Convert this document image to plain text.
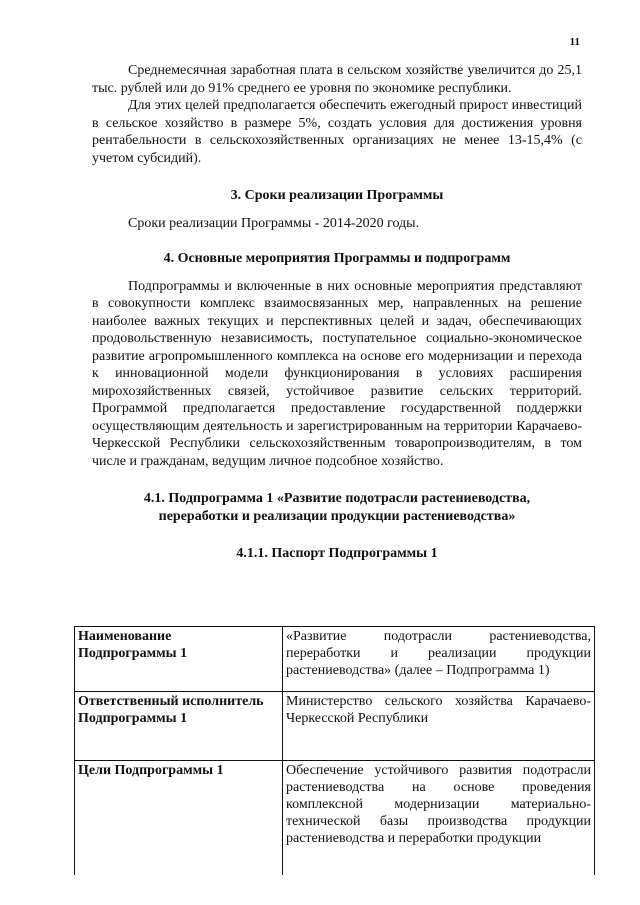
11

Среднемесячная заработная плата в сельском хозяйстве увеличится до 25,1 тыс. рублей или до 91% среднего ее уровня по экономике республики.

Для этих целей предполагается обеспечить ежегодный прирост инвестиций в сельское хозяйство в размере 5%, создать условия для достижения уровня рентабельности в сельскохозяйственных организациях не менее 13-15,4% (с учетом субсидий).

3. Сроки реализации Программы

Сроки реализации Программы - 2014-2020 годы.

4. Основные мероприятия Программы и подпрограмм

Подпрограммы и включенные в них основные мероприятия представляют в совокупности комплекс взаимосвязанных мер, направленных на решение наиболее важных текущих и перспективных целей и задач, обеспечивающих продовольственную независимость, поступательное социально-экономическое развитие агропромышленного комплекса на основе его модернизации и перехода к инновационной модели функционирования в условиях расширения мирохозяйственных связей, устойчивое развитие сельских территорий. Программой предполагается предоставление государственной поддержки осуществляющим деятельность и зарегистрированным на территории Карачаево-Черкесской Республики сельскохозяйственным товаропроизводителям, в том числе и гражданам, ведущим личное подсобное хозяйство.

4.1. Подпрограмма 1 «Развитие подотрасли растениеводства,
переработки и реализации продукции растениеводства»

4.1.1. Паспорт Подпрограммы 1

Наименование
Подпрограммы 1	«Развитие подотрасли растениеводства, переработки и реализации продукции растениеводства» (далее – Подпрограмма 1)
Ответственный исполнитель
Подпрограммы 1	Министерство сельского хозяйства Карачаево-Черкесской Республики
Цели Подпрограммы 1	Обеспечение устойчивого развития подотрасли растениеводства на основе проведения комплексной модернизации материально-технической базы производства продукции растениеводства и переработки продукции
